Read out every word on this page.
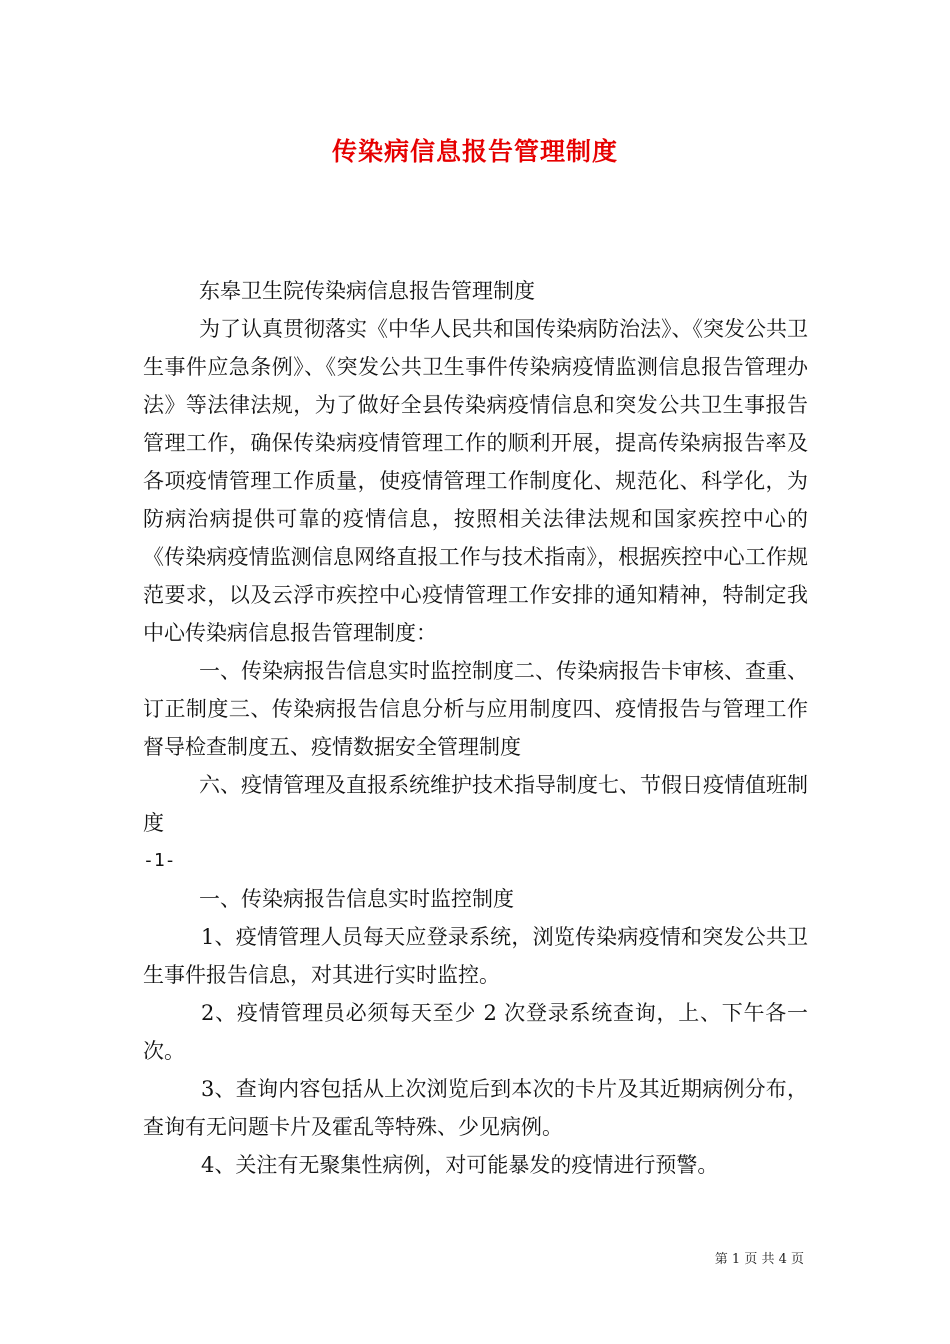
传染病信息报告管理制度

东皋卫生院传染病信息报告管理制度

为了认真贯彻落实《中华人民共和国传染病防治法》、《突发公共卫生事件应急条例》、《突发公共卫生事件传染病疫情监测信息报告管理办法》等法律法规，为了做好全县传染病疫情信息和突发公共卫生事报告管理工作，确保传染病疫情管理工作的顺利开展，提高传染病报告率及各项疫情管理工作质量，使疫情管理工作制度化、规范化、科学化，为防病治病提供可靠的疫情信息，按照相关法律法规和国家疾控中心的《传染病疫情监测信息网络直报工作与技术指南》，根据疾控中心工作规范要求，以及云浮市疾控中心疫情管理工作安排的通知精神，特制定我中心传染病信息报告管理制度：

一、传染病报告信息实时监控制度二、传染病报告卡审核、查重、订正制度三、传染病报告信息分析与应用制度四、疫情报告与管理工作督导检查制度五、疫情数据安全管理制度

六、疫情管理及直报系统维护技术指导制度七、节假日疫情值班制度

-1-

一、传染病报告信息实时监控制度

1、疫情管理人员每天应登录系统，浏览传染病疫情和突发公共卫生事件报告信息，对其进行实时监控。

2、疫情管理员必须每天至少 2 次登录系统查询，上、下午各一次。

3、查询内容包括从上次浏览后到本次的卡片及其近期病例分布，查询有无问题卡片及霍乱等特殊、少见病例。

4、关注有无聚集性病例，对可能暴发的疫情进行预警。

第 1 页 共 4 页
